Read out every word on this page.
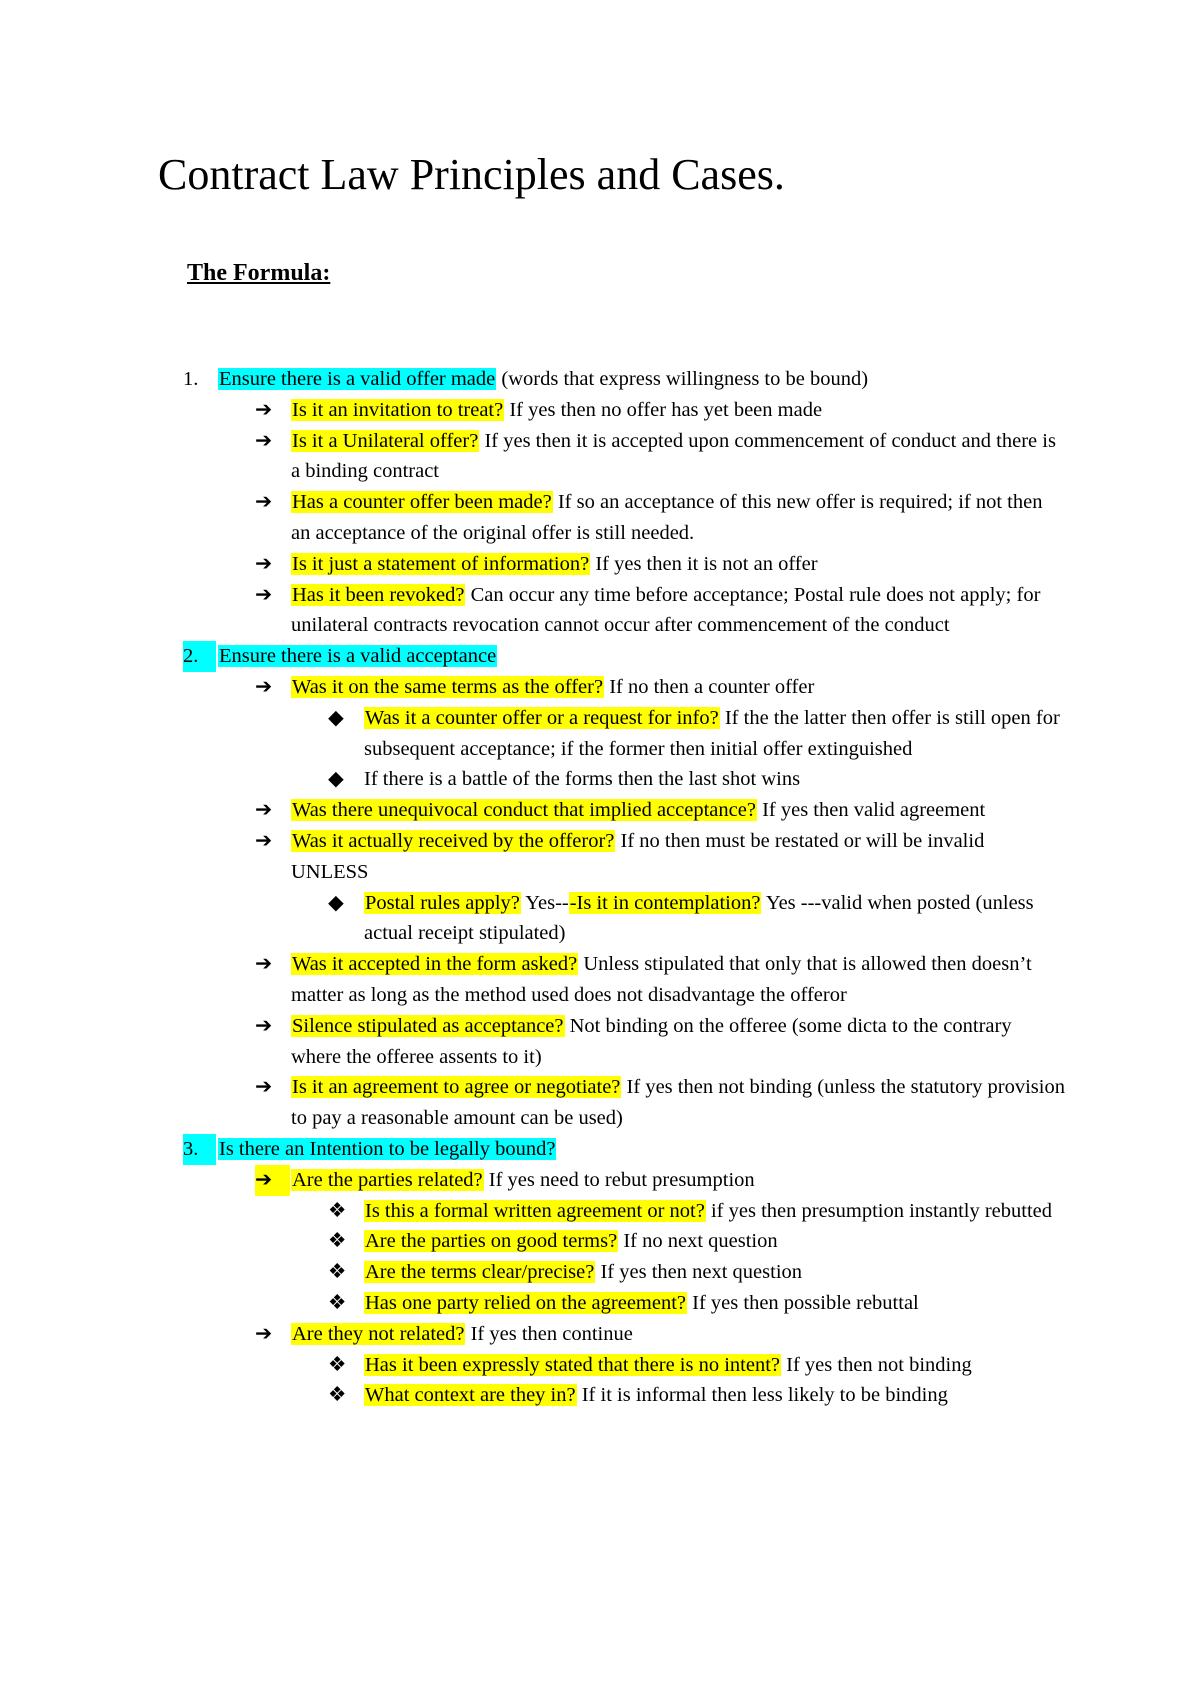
Contract Law Principles and Cases.
The Formula:
1. Ensure there is a valid offer made (words that express willingness to be bound)
➔ Is it an invitation to treat? If yes then no offer has yet been made
➔ Is it a Unilateral offer? If yes then it is accepted upon commencement of conduct and there is a binding contract
➔ Has a counter offer been made? If so an acceptance of this new offer is required; if not then an acceptance of the original offer is still needed.
➔ Is it just a statement of information? If yes then it is not an offer
➔ Has it been revoked? Can occur any time before acceptance; Postal rule does not apply; for unilateral contracts revocation cannot occur after commencement of the conduct
2.	Ensure there is a valid acceptance
➔ Was it on the same terms as the offer? If no then a counter offer
◆ Was it a counter offer or a request for info? If the the latter then offer is still open for subsequent acceptance; if the former then initial offer extinguished
◆ If there is a battle of the forms then the last shot wins
➔ Was there unequivocal conduct that implied acceptance? If yes then valid agreement
➔ Was it actually received by the offeror? If no then must be restated or will be invalid UNLESS
◆ Postal rules apply? Yes---Is it in contemplation? Yes ---valid when posted (unless actual receipt stipulated)
➔ Was it accepted in the form asked? Unless stipulated that only that is allowed then doesn’t matter as long as the method used does not disadvantage the offeror
➔ Silence stipulated as acceptance? Not binding on the offeree (some dicta to the contrary where the offeree assents to it)
➔ Is it an agreement to agree or negotiate? If yes then not binding (unless the statutory provision to pay a reasonable amount can be used)
3.	Is there an Intention to be legally bound?
➔ Are the parties related? If yes need to rebut presumption
❖ Is this a formal written agreement or not? if yes then presumption instantly rebutted
❖ Are the parties on good terms? If no next question
❖ Are the terms clear/precise? If yes then next question
❖ Has one party relied on the agreement? If yes then possible rebuttal
➔ Are they not related? If yes then continue
❖ Has it been expressly stated that there is no intent? If yes then not binding
❖ What context are they in? If it is informal then less likely to be binding
